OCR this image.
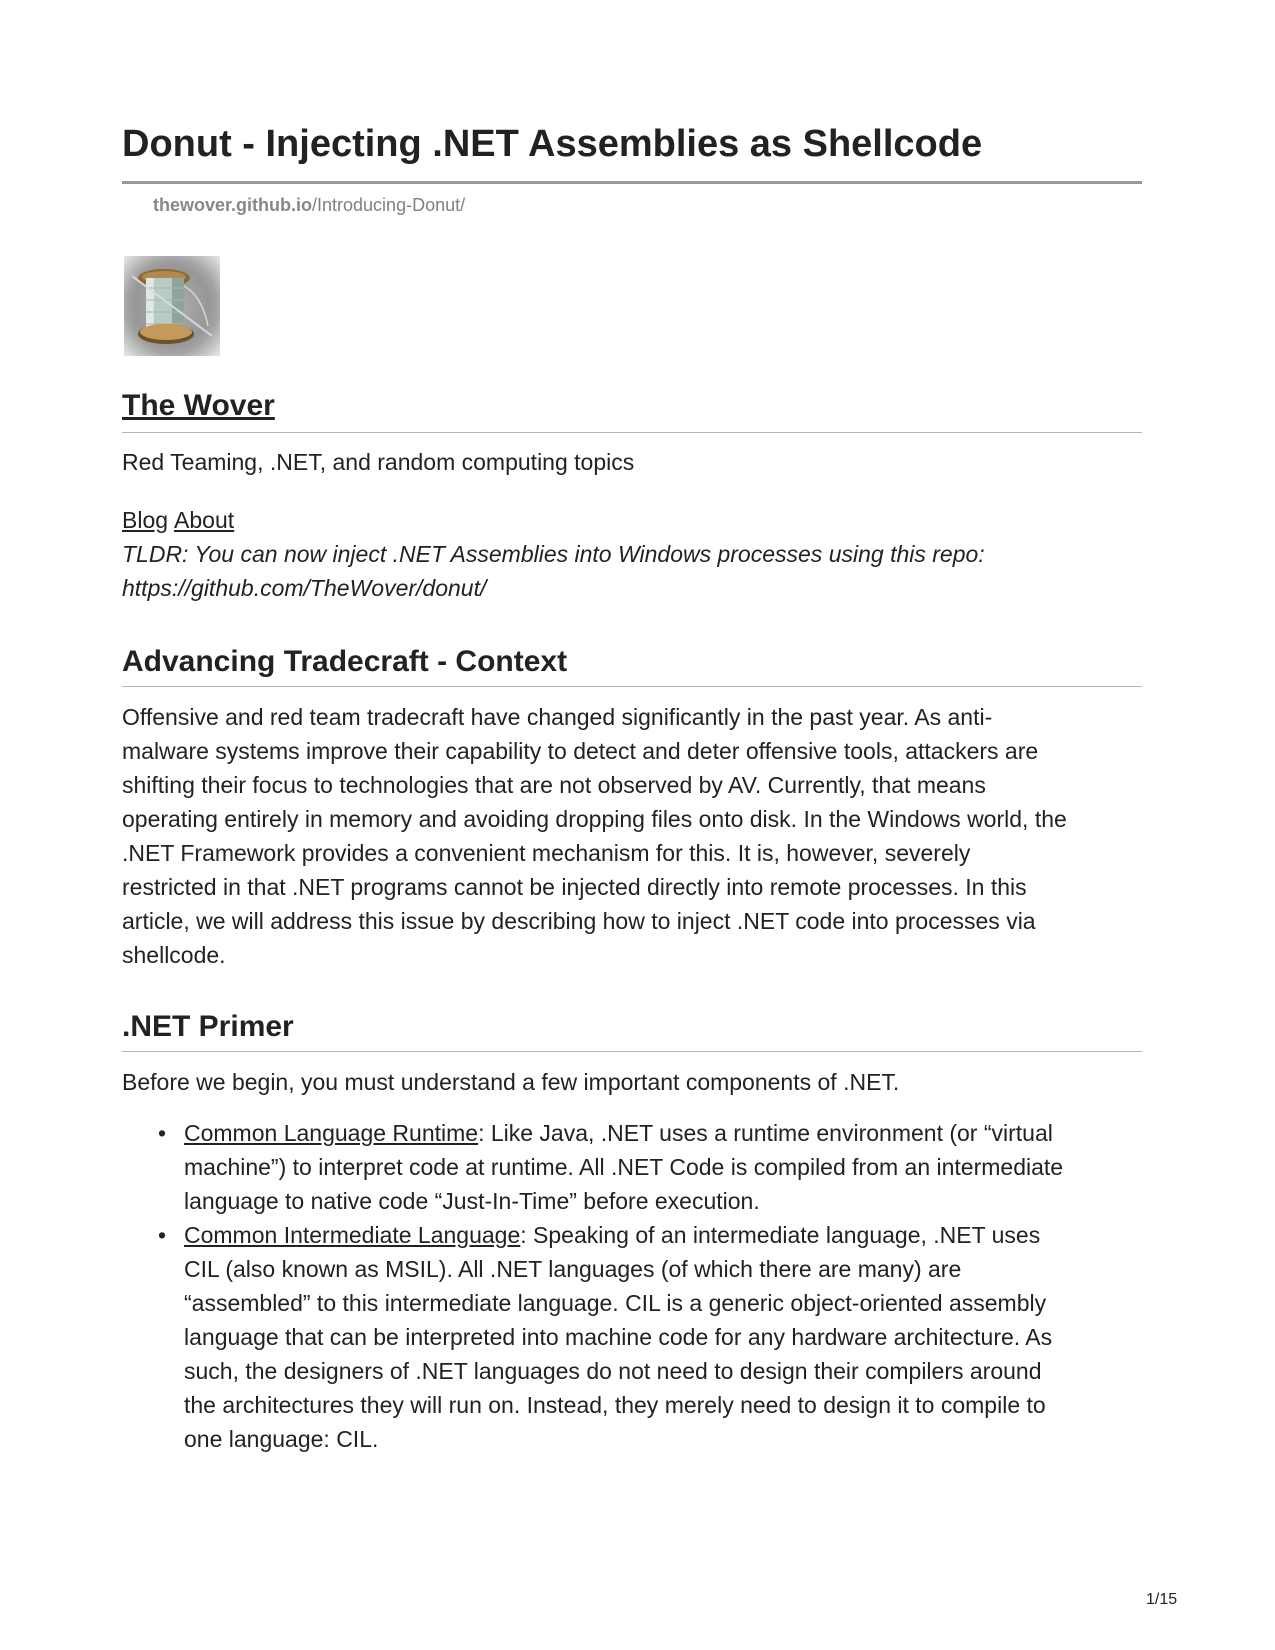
Donut - Injecting .NET Assemblies as Shellcode
thewover.github.io/Introducing-Donut/
The Wover

Red Teaming, .NET, and random computing topics

Blog About

TLDR: You can now inject .NET Assemblies into Windows processes using this repo:

https://github.com/TheWover/donut/

Advancing Tradecraft - Context

Offensive and red team tradecraft have changed significantly in the past year. As anti-

malware systems improve their capability to detect and deter offensive tools, attackers are

shifting their focus to technologies that are not observed by AV. Currently, that means

operating entirely in memory and avoiding dropping files onto disk. In the Windows world, the

.NET Framework provides a convenient mechanism for this. It is, however, severely

restricted in that .NET programs cannot be injected directly into remote processes. In this

article, we will address this issue by describing how to inject .NET code into processes via

shellcode.

.NET Primer

Before we begin, you must understand a few important components of .NET.

• Common Language Runtime: Like Java, .NET uses a runtime environment (or “virtual
machine”) to interpret code at runtime. All .NET Code is compiled from an intermediate
language to native code “Just-In-Time” before execution.
• Common Intermediate Language: Speaking of an intermediate language, .NET uses
CIL (also known as MSIL). All .NET languages (of which there are many) are
“assembled” to this intermediate language. CIL is a generic object-oriented assembly
language that can be interpreted into machine code for any hardware architecture. As
such, the designers of .NET languages do not need to design their compilers around
the architectures they will run on. Instead, they merely need to design it to compile to
one language: CIL.
1/15
